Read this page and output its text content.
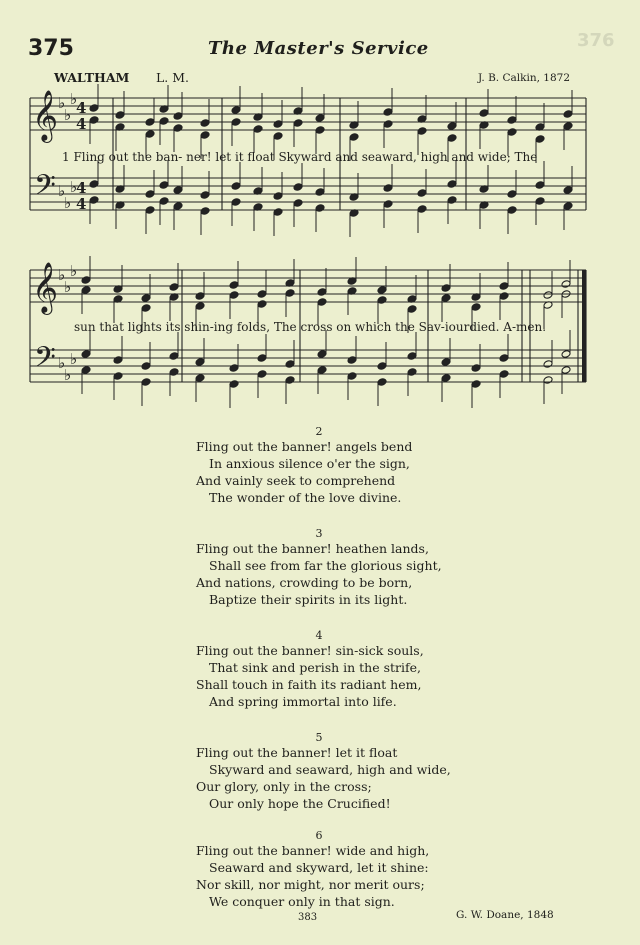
375	The Master's Service	376
WALTHAM L. M.	J. B. Calkin, 1872
𝄞
𝄢
♭
♭
♭
♭
♭
♭
4
4
4
4
𝄞
𝄢
♭
♭
♭
♭
♭
♭
1 Fling out the ban- ner! let it float Skyward and seaward, high and wide; The
sun that lights its shin-ing folds, The cross on which the Sav-iourdied. A-men.
2
Fling out the banner! angels bend
In anxious silence o'er the sign,
And vainly seek to comprehend
The wonder of the love divine.
3
Fling out the banner! heathen lands,
Shall see from far the glorious sight,
And nations, crowding to be born,
Baptize their spirits in its light.
4
Fling out the banner! sin-sick souls,
That sink and perish in the strife,
Shall touch in faith its radiant hem,
And spring immortal into life.
5
Fling out the banner! let it float
Skyward and seaward, high and wide,
Our glory, only in the cross;
Our only hope the Crucified!
6
Fling out the banner! wide and high,
Seaward and skyward, let it shine:
Nor skill, nor might, nor merit ours;
We conquer only in that sign.
383	G. W. Doane, 1848
